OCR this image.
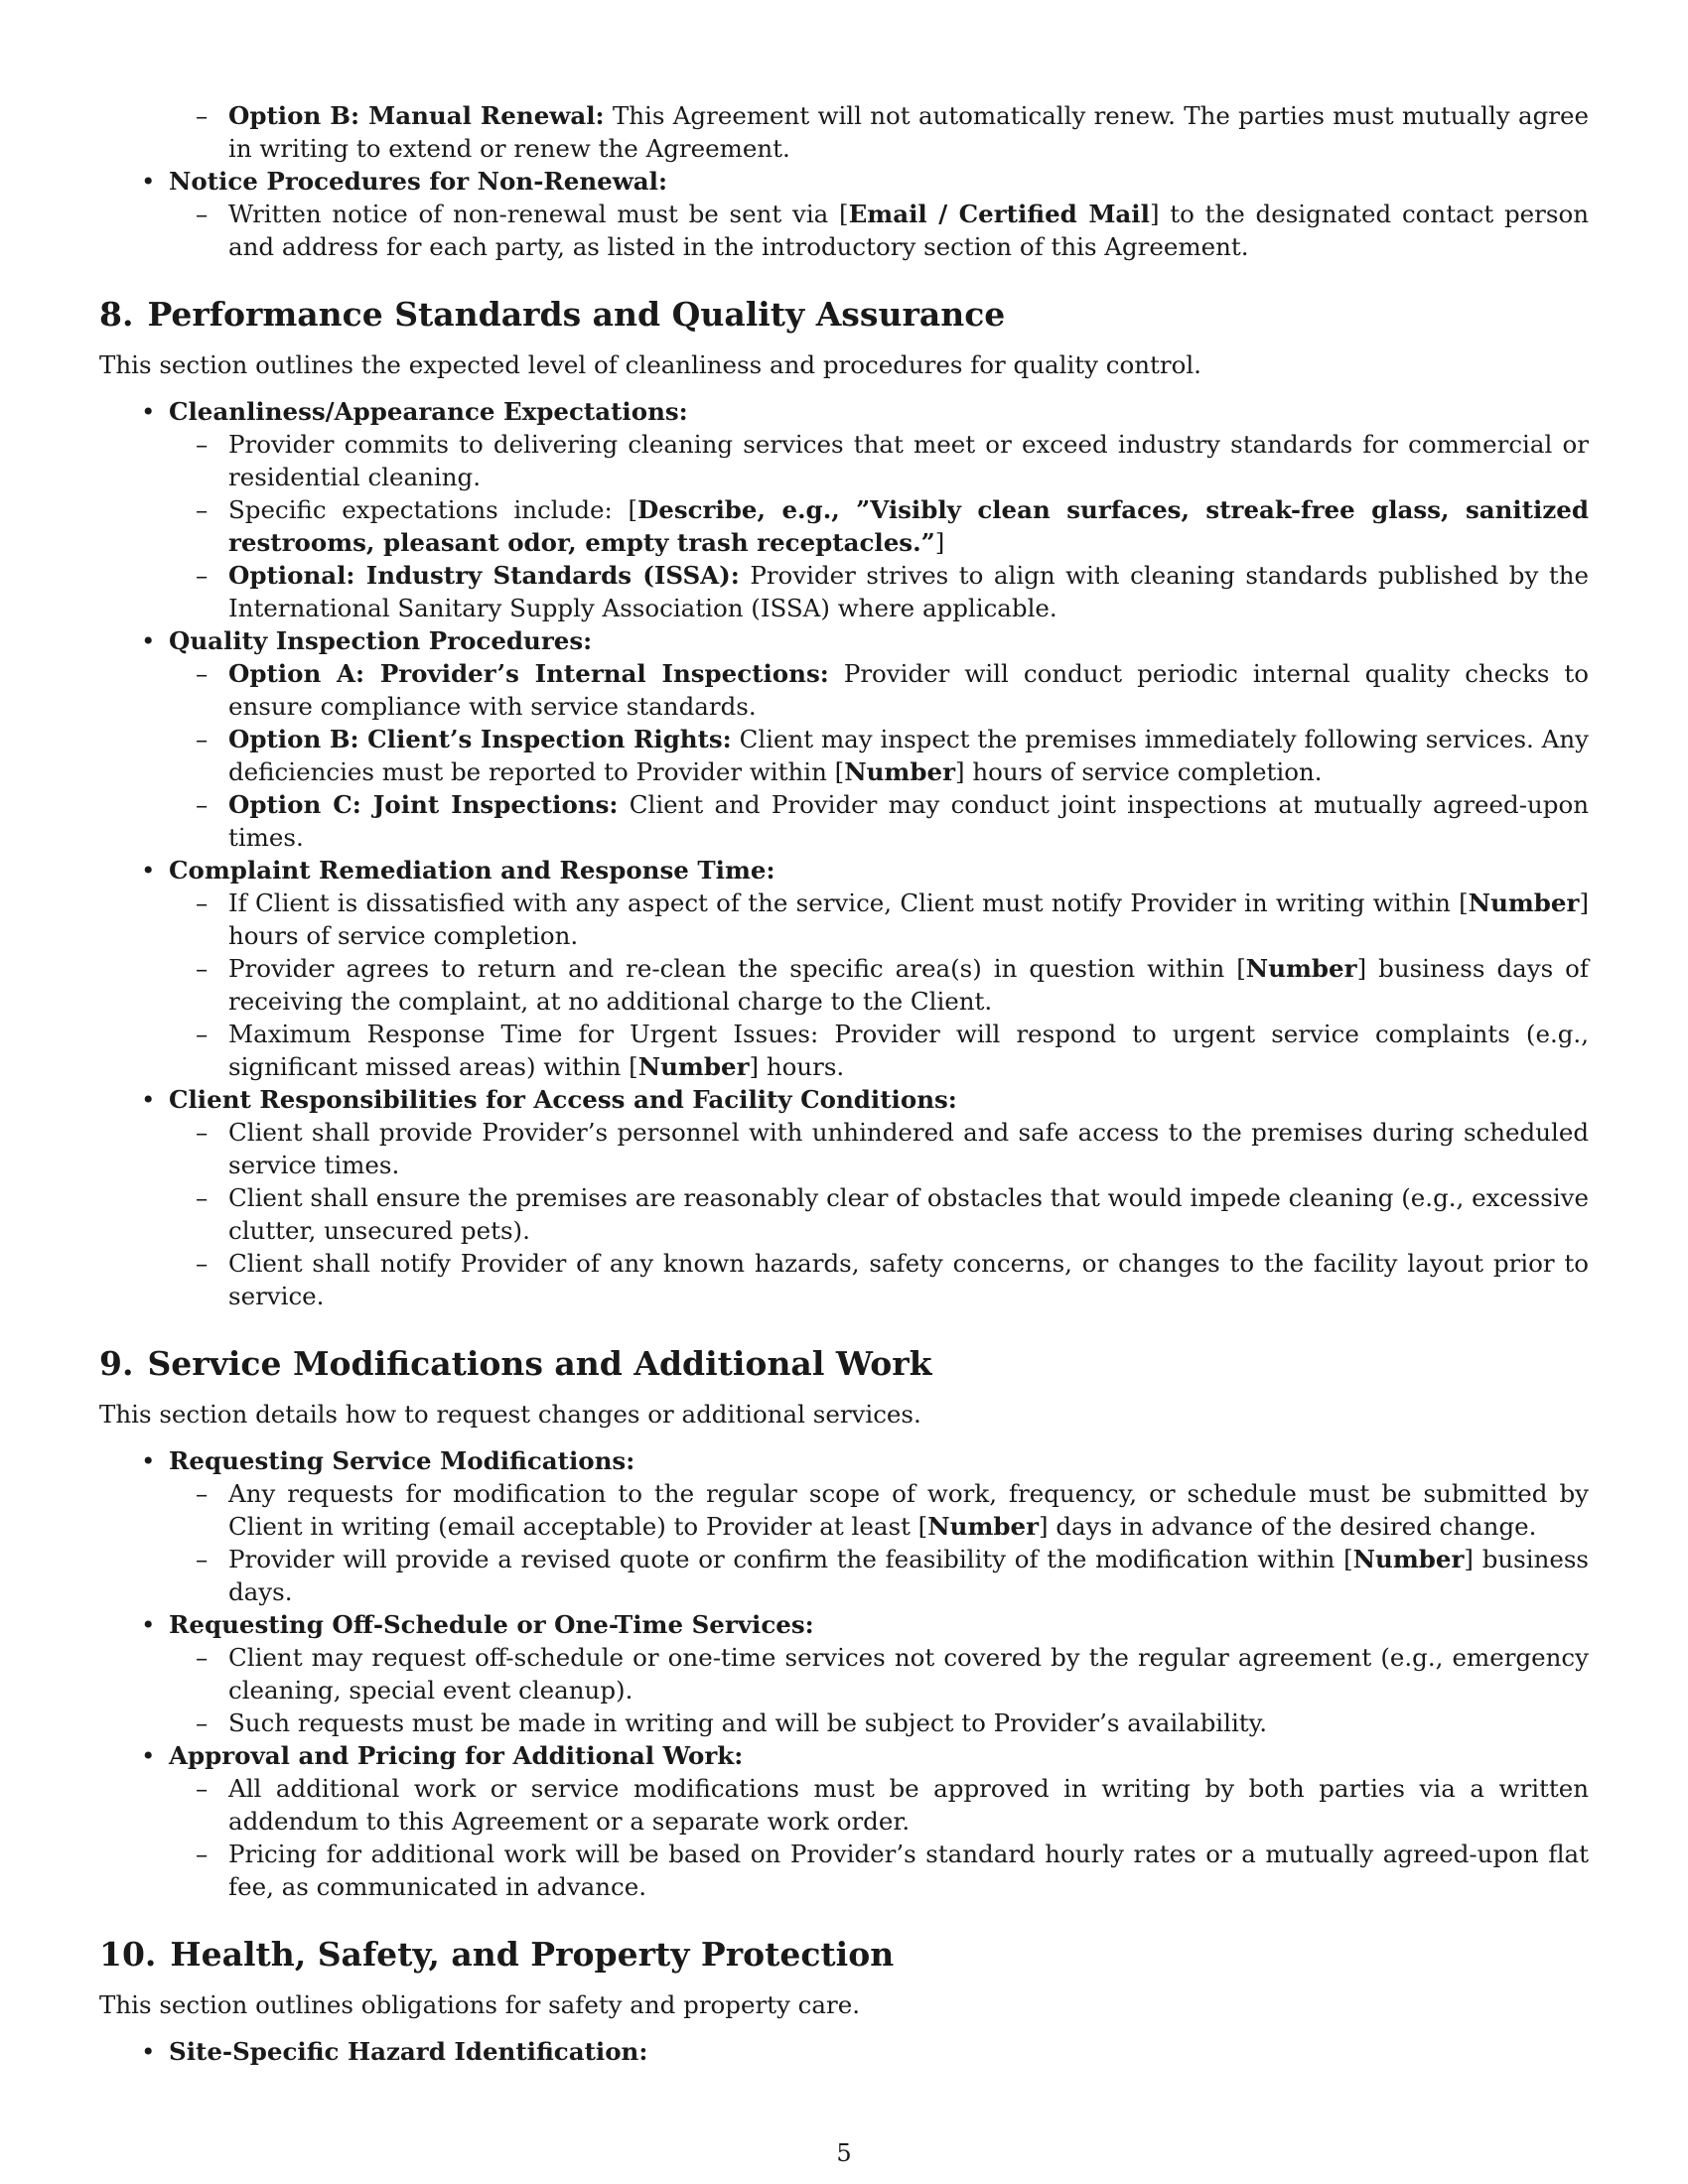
– Option B: Manual Renewal: This Agreement will not automatically renew. The parties must mutually agree in writing to extend or renew the Agreement.
• Notice Procedures for Non-Renewal:
– Written notice of non-renewal must be sent via [Email / Certified Mail] to the designated contact person and address for each party, as listed in the introductory section of this Agreement.
8. Performance Standards and Quality Assurance

This section outlines the expected level of cleanliness and procedures for quality control.

• Cleanliness/Appearance Expectations:
– Provider commits to delivering cleaning services that meet or exceed industry standards for commercial or residential cleaning.
– Specific expectations include: [Describe, e.g., ”Visibly clean surfaces, streak-free glass, sanitized restrooms, pleasant odor, empty trash receptacles.”]
– Optional: Industry Standards (ISSA): Provider strives to align with cleaning standards published by the International Sanitary Supply Association (ISSA) where applicable.
• Quality Inspection Procedures:
– Option A: Provider’s Internal Inspections: Provider will conduct periodic internal quality checks to ensure compliance with service standards.
– Option B: Client’s Inspection Rights: Client may inspect the premises immediately following services. Any deficiencies must be reported to Provider within [Number] hours of service completion.
– Option C: Joint Inspections: Client and Provider may conduct joint inspections at mutually agreed-upon times.
• Complaint Remediation and Response Time:
– If Client is dissatisfied with any aspect of the service, Client must notify Provider in writing within [Number] hours of service completion.
– Provider agrees to return and re-clean the specific area(s) in question within [Number] business days of receiving the complaint, at no additional charge to the Client.
– Maximum Response Time for Urgent Issues: Provider will respond to urgent service complaints (e.g., significant missed areas) within [Number] hours.
• Client Responsibilities for Access and Facility Conditions:
– Client shall provide Provider’s personnel with unhindered and safe access to the premises during scheduled service times.
– Client shall ensure the premises are reasonably clear of obstacles that would impede cleaning (e.g., excessive clutter, unsecured pets).
– Client shall notify Provider of any known hazards, safety concerns, or changes to the facility layout prior to service.
9. Service Modifications and Additional Work

This section details how to request changes or additional services.

• Requesting Service Modifications:
– Any requests for modification to the regular scope of work, frequency, or schedule must be submitted by Client in writing (email acceptable) to Provider at least [Number] days in advance of the desired change.
– Provider will provide a revised quote or confirm the feasibility of the modification within [Number] business days.
• Requesting Off-Schedule or One-Time Services:
– Client may request off-schedule or one-time services not covered by the regular agreement (e.g., emergency cleaning, special event cleanup).
– Such requests must be made in writing and will be subject to Provider’s availability.
• Approval and Pricing for Additional Work:
– All additional work or service modifications must be approved in writing by both parties via a written addendum to this Agreement or a separate work order.
– Pricing for additional work will be based on Provider’s standard hourly rates or a mutually agreed-upon flat fee, as communicated in advance.
10. Health, Safety, and Property Protection

This section outlines obligations for safety and property care.

• Site-Specific Hazard Identification:
5
